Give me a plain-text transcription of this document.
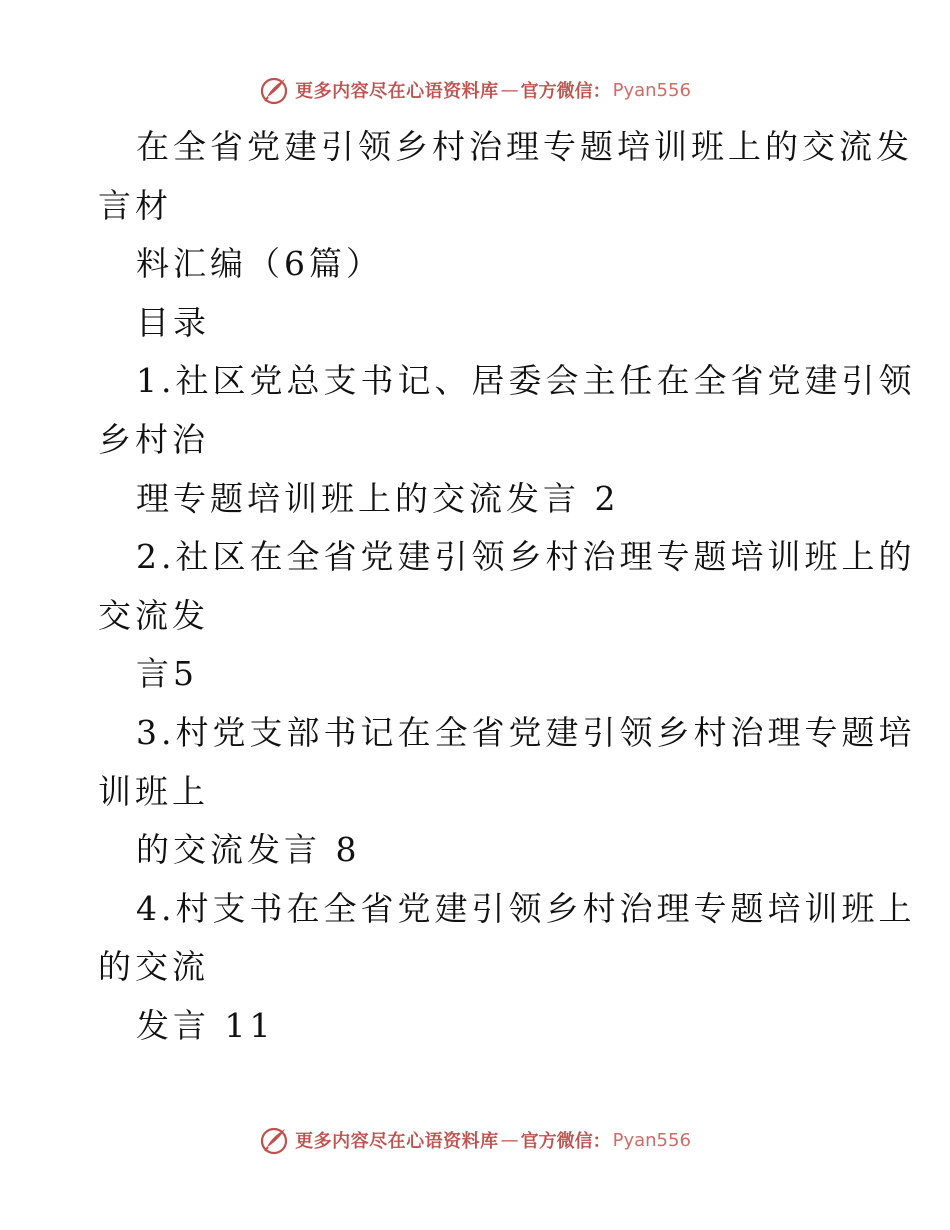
更多内容尽在心语资料库 — 官方微信： Pyan556
在全省党建引领乡村治理专题培训班上的交流发
言材
料汇编（6篇）
目录
1.社区党总支书记、居委会主任在全省党建引领
乡村治
理专题培训班上的交流发言 2
2.社区在全省党建引领乡村治理专题培训班上的
交流发
言5
3.村党支部书记在全省党建引领乡村治理专题培
训班上
的交流发言 8
4.村支书在全省党建引领乡村治理专题培训班上
的交流
发言 11
更多内容尽在心语资料库 — 官方微信： Pyan556
